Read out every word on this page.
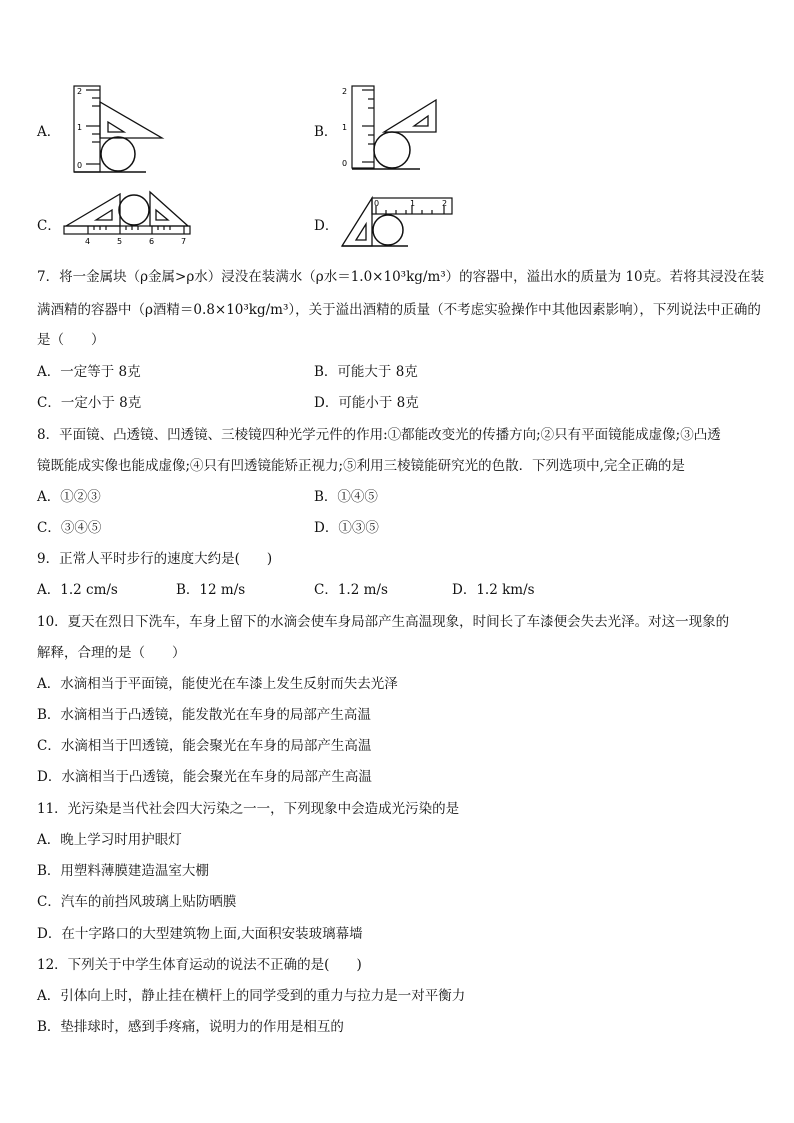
A．
2
1
0
B．
2
1
0
C．
4	5	6	7
D．
0	1	2
7．将一金属块（ρ金属>ρ水）浸没在装满水（ρ水＝1.0×10³kg/m³）的容器中，溢出水的质量为 10克。若将其浸没在装
满酒精的容器中（ρ酒精＝0.8×10³kg/m³），关于溢出酒精的质量（不考虑实验操作中其他因素影响），下列说法中正确的
是（　　）
A．一定等于 8克	B．可能大于 8克
C．一定小于 8克	D．可能小于 8克
8．平面镜、凸透镜、凹透镜、三棱镜四种光学元件的作用:①都能改变光的传播方向;②只有平面镜能成虚像;③凸透
镜既能成实像也能成虚像;④只有凹透镜能矫正视力;⑤利用三棱镜能研究光的色散．下列选项中,完全正确的是
A．①②③	B．①④⑤
C．③④⑤	D．①③⑤
9．正常人平时步行的速度大约是(　　)
A．1.2 cm/s	B．12 m/s	C．1.2 m/s	D．1.2 km/s
10．夏天在烈日下洗车，车身上留下的水滴会使车身局部产生高温现象，时间长了车漆便会失去光泽。对这一现象的
解释，合理的是（　　）
A．水滴相当于平面镜，能使光在车漆上发生反射而失去光泽
B．水滴相当于凸透镜，能发散光在车身的局部产生高温
C．水滴相当于凹透镜，能会聚光在车身的局部产生高温
D．水滴相当于凸透镜，能会聚光在车身的局部产生高温
11．光污染是当代社会四大污染之一一，下列现象中会造成光污染的是
A．晚上学习时用护眼灯
B．用塑料薄膜建造温室大棚
C．汽车的前挡风玻璃上贴防晒膜
D．在十字路口的大型建筑物上面,大面积安装玻璃幕墙
12．下列关于中学生体育运动的说法不正确的是(　　)
A．引体向上时，静止挂在横杆上的同学受到的重力与拉力是一对平衡力
B．垫排球时，感到手疼痛，说明力的作用是相互的
